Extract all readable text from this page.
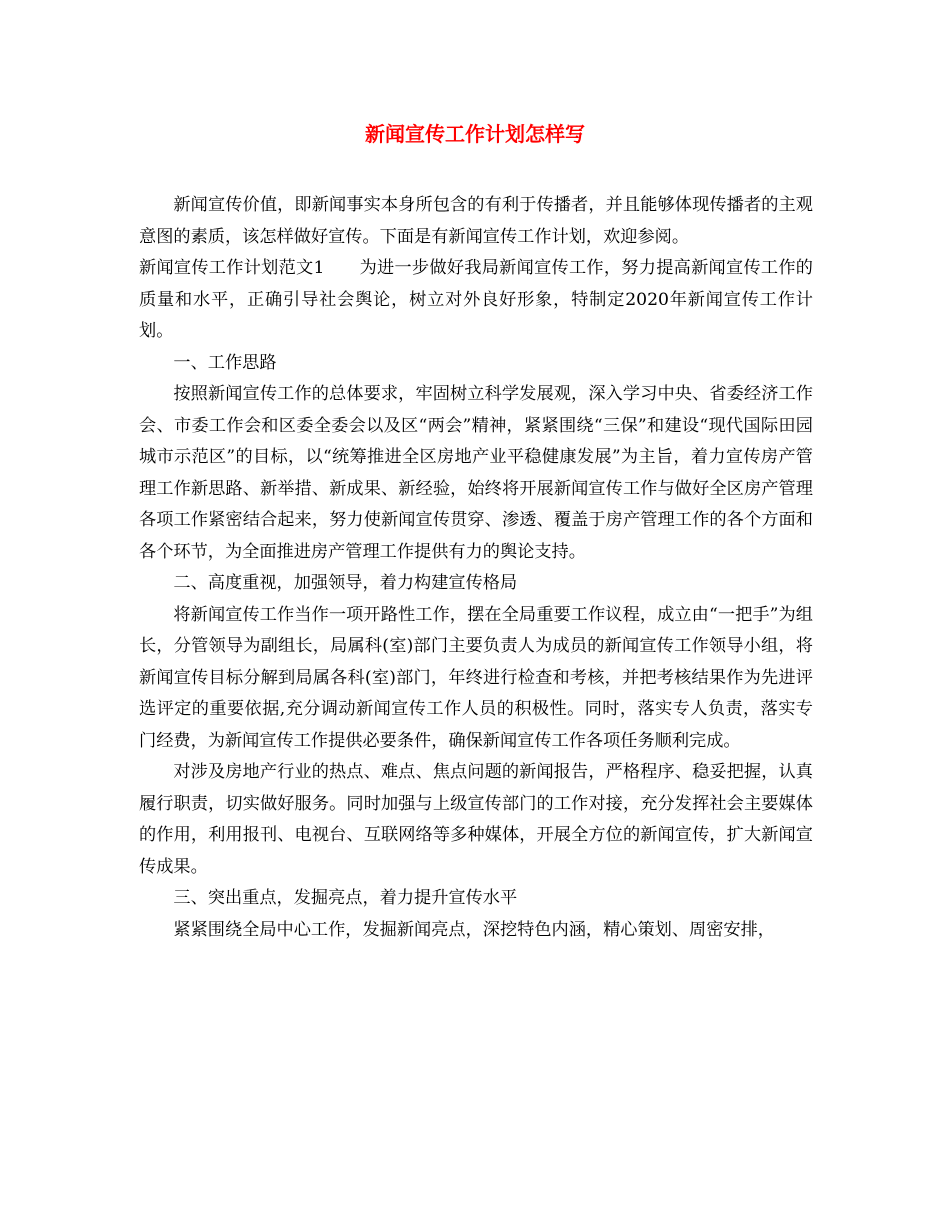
新闻宣传工作计划怎样写

新闻宣传价值，即新闻事实本身所包含的有利于传播者，并且能够体现传播者的主观意图的素质，该怎样做好宣传。下面是有新闻宣传工作计划，欢迎参阅。

新闻宣传工作计划范文1　　为进一步做好我局新闻宣传工作，努力提高新闻宣传工作的质量和水平，正确引导社会舆论，树立对外良好形象，特制定2020年新闻宣传工作计划。

一、工作思路

按照新闻宣传工作的总体要求，牢固树立科学发展观，深入学习中央、省委经济工作会、市委工作会和区委全委会以及区“两会”精神，紧紧围绕“三保”和建设“现代国际田园城市示范区”的目标，以“统筹推进全区房地产业平稳健康发展”为主旨，着力宣传房产管理工作新思路、新举措、新成果、新经验，始终将开展新闻宣传工作与做好全区房产管理各项工作紧密结合起来，努力使新闻宣传贯穿、渗透、覆盖于房产管理工作的各个方面和各个环节，为全面推进房产管理工作提供有力的舆论支持。

二、高度重视，加强领导，着力构建宣传格局

将新闻宣传工作当作一项开路性工作，摆在全局重要工作议程，成立由“一把手”为组长，分管领导为副组长，局属科(室)部门主要负责人为成员的新闻宣传工作领导小组，将新闻宣传目标分解到局属各科(室)部门，年终进行检查和考核，并把考核结果作为先进评选评定的重要依据,充分调动新闻宣传工作人员的积极性。同时，落实专人负责，落实专门经费，为新闻宣传工作提供必要条件，确保新闻宣传工作各项任务顺利完成。

对涉及房地产行业的热点、难点、焦点问题的新闻报告，严格程序、稳妥把握，认真履行职责，切实做好服务。同时加强与上级宣传部门的工作对接，充分发挥社会主要媒体的作用，利用报刊、电视台、互联网络等多种媒体，开展全方位的新闻宣传，扩大新闻宣传成果。

三、突出重点，发掘亮点，着力提升宣传水平

紧紧围绕全局中心工作，发掘新闻亮点，深挖特色内涵，精心策划、周密安排，
